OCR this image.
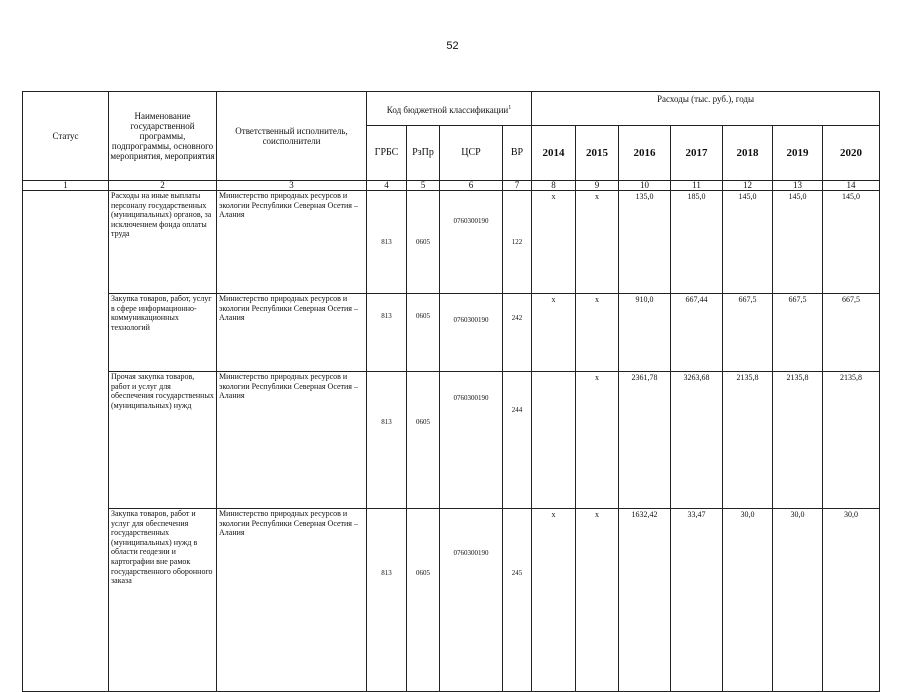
52
Статус	Наименование государственной программы, подпрограммы, основного мероприятия, мероприятия	Ответственный исполнитель, соисполнители	Код бюджетной классификации$^1$				Расходы (тыс. руб.), годы						
			ГРБС	РзПр	ЦСР	ВР	2014	2015	2016	2017	2018	2019	2020
1	2	3	4	5	6	7	8	9	10	11	12	13	14
	Расходы на иные выплаты персоналу государственных (муниципальных) органов, за исключением фонда оплаты труда	Министерство природных ресурсов и экологии Республики Северная Осетия – Алания	813	0605	0760300190	122	x	x	135,0	185,0	145,0	145,0	145,0
	Закупка товаров, работ, услуг в сфере информационно-коммуникационных технологий	Министерство природных ресурсов и экологии Республики Северная Осетия – Алания	813	0605	0760300190	242	x	x	910,0	667,44	667,5	667,5	667,5
	Прочая закупка товаров, работ и услуг для обеспечения государственных (муниципальных) нужд	Министерство природных ресурсов и экологии Республики Северная Осетия – Алания	813	0605	0760300190	244		x	2361,78	3263,68	2135,8	2135,8	2135,8
	Закупка товаров, работ и услуг для обеспечения государственных (муниципальных) нужд в области геодезии и картографии вне рамок государственного оборонного заказа	Министерство природных ресурсов и экологии Республики Северная Осетия – Алания	813	0605	0760300190	245	x	x	1632,42	33,47	30,0	30,0	30,0
